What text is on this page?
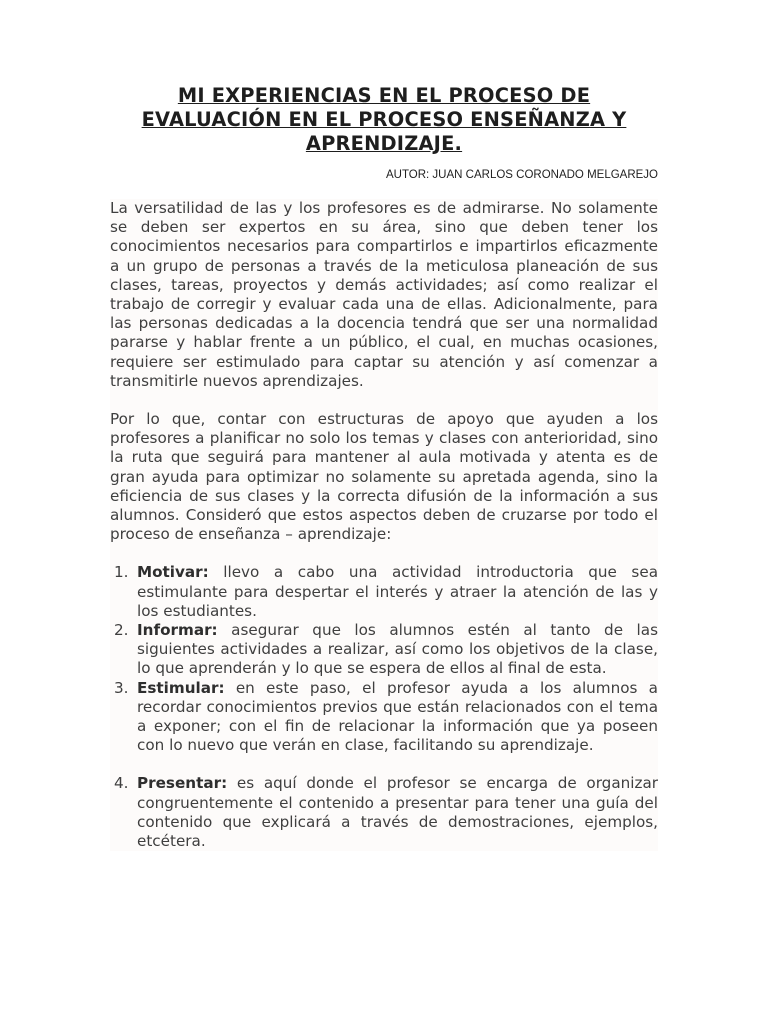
MI EXPERIENCIAS EN EL PROCESO DE
EVALUACIÓN EN EL PROCESO ENSEÑANZA Y
APRENDIZAJE.
AUTOR: JUAN CARLOS CORONADO MELGAREJO

La versatilidad de las y los profesores es de admirarse. No solamente se deben ser expertos en su área, sino que deben tener los conocimientos necesarios para compartirlos e impartirlos eficazmente a un grupo de personas a través de la meticulosa planeación de sus clases, tareas, proyectos y demás actividades; así como realizar el trabajo de corregir y evaluar cada una de ellas. Adicionalmente, para las personas dedicadas a la docencia tendrá que ser una normalidad pararse y hablar frente a un público, el cual, en muchas ocasiones, requiere ser estimulado para captar su atención y así comenzar a transmitirle nuevos aprendizajes.

Por lo que, contar con estructuras de apoyo que ayuden a los profesores a planificar no solo los temas y clases con anterioridad, sino la ruta que seguirá para mantener al aula motivada y atenta es de gran ayuda para optimizar no solamente su apretada agenda, sino la eficiencia de sus clases y la correcta difusión de la información a sus alumnos. Consideró que estos aspectos deben de cruzarse por todo el proceso de enseñanza – aprendizaje:

1. Motivar: llevo a cabo una actividad introductoria que sea estimulante para despertar el interés y atraer la atención de las y los estudiantes.
2. Informar: asegurar que los alumnos estén al tanto de las siguientes actividades a realizar, así como los objetivos de la clase, lo que aprenderán y lo que se espera de ellos al final de esta.
3. Estimular: en este paso, el profesor ayuda a los alumnos a recordar conocimientos previos que están relacionados con el tema a exponer; con el fin de relacionar la información que ya poseen con lo nuevo que verán en clase, facilitando su aprendizaje.
4. Presentar: es aquí donde el profesor se encarga de organizar congruentemente el contenido a presentar para tener una guía del contenido que explicará a través de demostraciones, ejemplos, etcétera.
